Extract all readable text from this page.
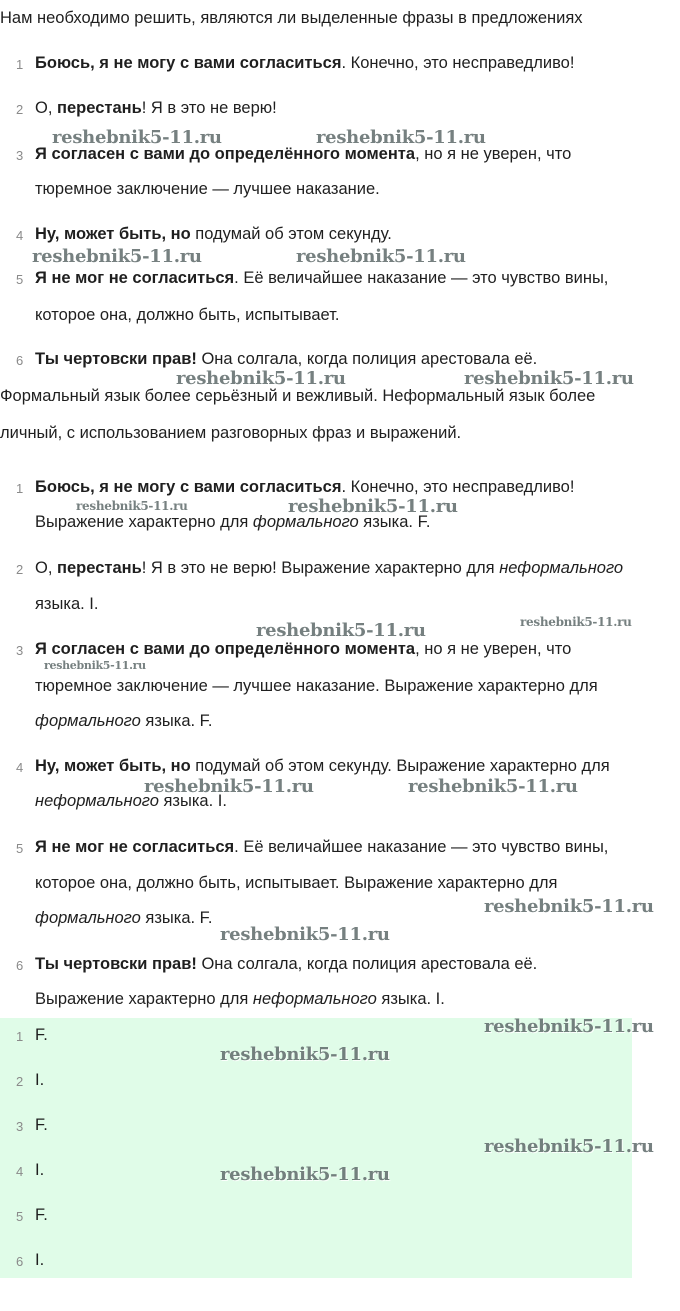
Нам необходимо решить, являются ли выделенные фразы в предложениях
1 Боюсь, я не могу с вами согласиться. Конечно, это несправедливо!
2 О, перестань! Я в это не верю!
3 Я согласен с вами до определённого момента, но я не уверен, что
тюремное заключение — лучшее наказание.
4 Ну, может быть, но подумай об этом секунду.
5 Я не мог не согласиться. Её величайшее наказание — это чувство вины,
которое она, должно быть, испытывает.
6 Ты чертовски прав! Она солгала, когда полиция арестовала её.
Формальный язык более серьёзный и вежливый. Неформальный язык более
личный, с использованием разговорных фраз и выражений.
1 Боюсь, я не могу с вами согласиться. Конечно, это несправедливо!
Выражение характерно для формального языка. F.
2 О, перестань! Я в это не верю! Выражение характерно для неформального
языка. I.
3 Я согласен с вами до определённого момента, но я не уверен, что
тюремное заключение — лучшее наказание. Выражение характерно для
формального языка. F.
4 Ну, может быть, но подумай об этом секунду. Выражение характерно для
неформального языка. I.
5 Я не мог не согласиться. Её величайшее наказание — это чувство вины,
которое она, должно быть, испытывает. Выражение характерно для
формального языка. F.
6 Ты чертовски прав! Она солгала, когда полиция арестовала её.
Выражение характерно для неформального языка. I.
1 F.
2 I.
3 F.
4 I.
5 F.
6 I.
reshebnik5-11.ru	reshebnik5-11.ru
reshebnik5-11.ru	reshebnik5-11.ru
reshebnik5-11.ru	reshebnik5-11.ru
reshebnik5-11.ru	reshebnik5-11.ru
reshebnik5-11.ru	reshebnik5-11.ru
reshebnik5-11.ru
reshebnik5-11.ru	reshebnik5-11.ru
reshebnik5-11.ru
reshebnik5-11.ru
reshebnik5-11.ru
reshebnik5-11.ru
reshebnik5-11.ru
reshebnik5-11.ru
